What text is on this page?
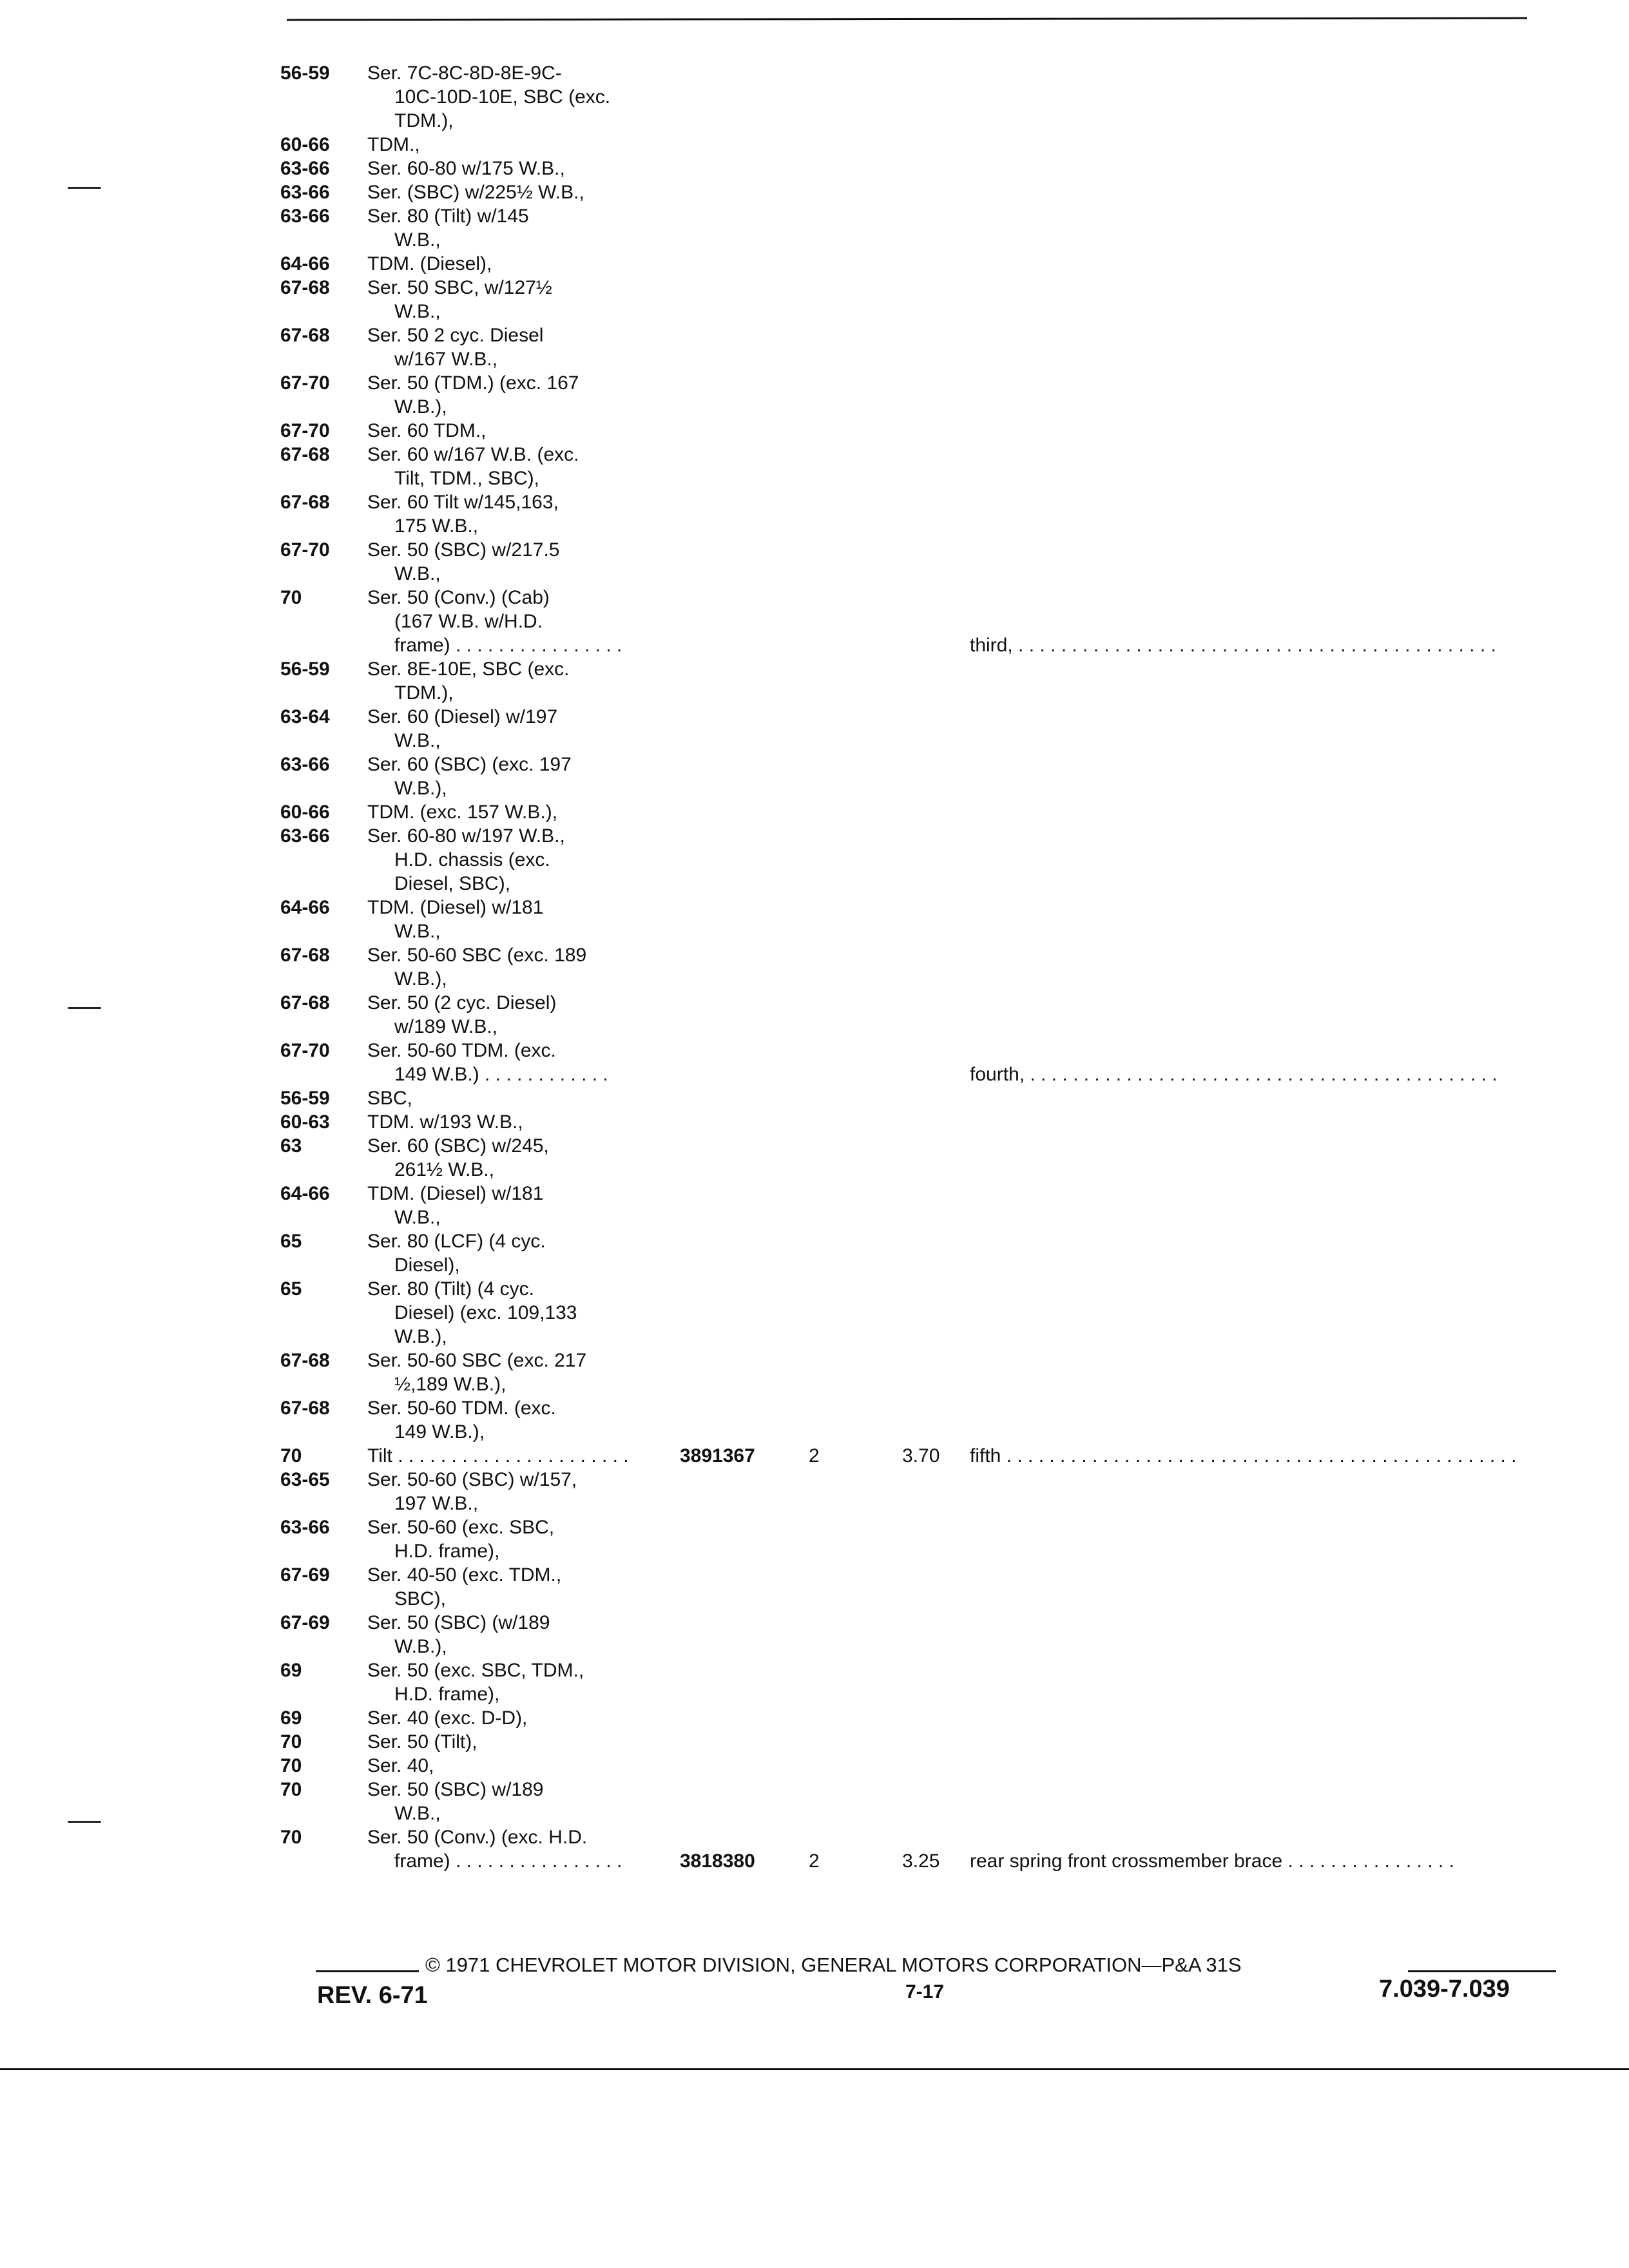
56-59 Ser. 7C-8C-8D-8E-9C-
10C-10D-10E, SBC (exc.
TDM.),
60-66 TDM.,
63-66 Ser. 60-80 w/175 W.B.,
63-66 Ser. (SBC) w/225½ W.B.,
63-66 Ser. 80 (Tilt) w/145
W.B.,
64-66 TDM. (Diesel),
67-68 Ser. 50 SBC, w/127½
W.B.,
67-68 Ser. 50 2 cyc. Diesel
w/167 W.B.,
67-70 Ser. 50 (TDM.) (exc. 167
W.B.),
67-70 Ser. 60 TDM.,
67-68 Ser. 60 w/167 W.B. (exc.
Tilt, TDM., SBC),
67-68 Ser. 60 Tilt w/145,163,
175 W.B.,
67-70 Ser. 50 (SBC) w/217.5
W.B.,
70	Ser. 50 (Conv.) (Cab)
(167 W.B. w/H.D.
frame) . . . . . . . . . . . . . . . .	third, . . . . . . . . . . . . . . . . . . . . . . . . . . . . . . . . . . . . . . . . . . . . .
56-59 Ser. 8E-10E, SBC (exc.
TDM.),
63-64 Ser. 60 (Diesel) w/197
W.B.,
63-66 Ser. 60 (SBC) (exc. 197
W.B.),
60-66 TDM. (exc. 157 W.B.),
63-66 Ser. 60-80 w/197 W.B.,
H.D. chassis (exc.
Diesel, SBC),
64-66 TDM. (Diesel) w/181
W.B.,
67-68 Ser. 50-60 SBC (exc. 189
W.B.),
67-68 Ser. 50 (2 cyc. Diesel)
w/189 W.B.,
67-70 Ser. 50-60 TDM. (exc.
149 W.B.) . . . . . . . . . . . .	fourth, . . . . . . . . . . . . . . . . . . . . . . . . . . . . . . . . . . . . . . . . . . . .
56-59 SBC,
60-63 TDM. w/193 W.B.,
63	Ser. 60 (SBC) w/245,
261½ W.B.,
64-66 TDM. (Diesel) w/181
W.B.,
65	Ser. 80 (LCF) (4 cyc.
Diesel),
65	Ser. 80 (Tilt) (4 cyc.
Diesel) (exc. 109,133
W.B.),
67-68 Ser. 50-60 SBC (exc. 217
½,189 W.B.),
67-68 Ser. 50-60 TDM. (exc.
149 W.B.),
70	Tilt . . . . . . . . . . . . . . . . . . . . . .	3891367	2	3.70 fifth . . . . . . . . . . . . . . . . . . . . . . . . . . . . . . . . . . . . . . . . . . . . . . . .
63-65 Ser. 50-60 (SBC) w/157,
197 W.B.,
63-66 Ser. 50-60 (exc. SBC,
H.D. frame),
67-69 Ser. 40-50 (exc. TDM.,
SBC),
67-69 Ser. 50 (SBC) (w/189
W.B.),
69	Ser. 50 (exc. SBC, TDM.,
H.D. frame),
69	Ser. 40 (exc. D-D),
70	Ser. 50 (Tilt),
70	Ser. 40,
70	Ser. 50 (SBC) w/189
W.B.,
70	Ser. 50 (Conv.) (exc. H.D.
frame) . . . . . . . . . . . . . . . .	3818380	2	3.25 rear spring front crossmember brace . . . . . . . . . . . . . . . .
© 1971 CHEVROLET MOTOR DIVISION, GENERAL MOTORS CORPORATION—P&A 31S
REV. 6-71	7-17	7.039-7.039
